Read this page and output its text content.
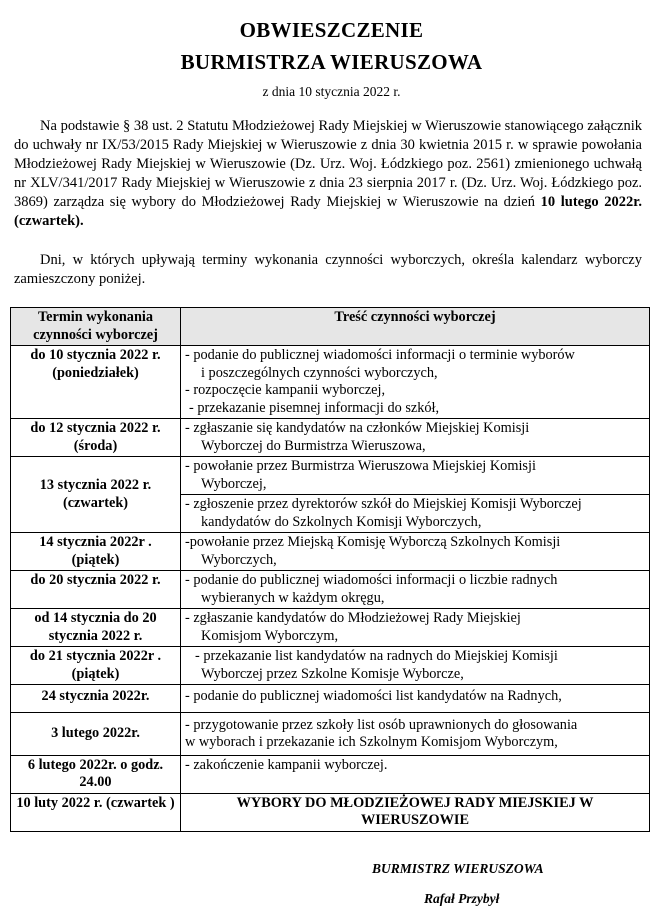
OBWIESZCZENIE
BURMISTRZA WIERUSZOWA
z dnia 10 stycznia 2022 r.
Na podstawie § 38 ust. 2 Statutu Młodzieżowej Rady Miejskiej w Wieruszowie stanowiącego załącznik do uchwały nr IX/53/2015 Rady Miejskiej w Wieruszowie z dnia 30 kwietnia 2015 r. w sprawie powołania Młodzieżowej Rady Miejskiej w Wieruszowie (Dz. Urz. Woj. Łódzkiego poz. 2561) zmienionego uchwałą nr XLV/341/2017 Rady Miejskiej w Wieruszowie z dnia 23 sierpnia 2017 r. (Dz. Urz. Woj. Łódzkiego poz. 3869) zarządza się wybory do Młodzieżowej Rady Miejskiej w Wieruszowie na dzień 10 lutego 2022r. (czwartek).
Dni, w których upływają terminy wykonania czynności wyborczych, określa kalendarz wyborczy zamieszczony poniżej.
Termin wykonania czynności wyborczej	Treść czynności wyborczej
do 10 stycznia 2022 r. (poniedziałek)	- podanie do publicznej wiadomości informacji o terminie wyborów
i poszczególnych czynności wyborczych,
- rozpoczęcie kampanii wyborczej,
- przekazanie pisemnej informacji do szkół,

do 12 stycznia 2022 r. (środa)	- zgłaszanie się kandydatów na członków Miejskiej Komisji
Wyborczej do Burmistrza Wieruszowa,

13 stycznia 2022 r. (czwartek)	- powołanie przez Burmistrza Wieruszowa Miejskiej Komisji
Wyborczej,

	- zgłoszenie przez dyrektorów szkół do Miejskiej Komisji Wyborczej
kandydatów do Szkolnych Komisji Wyborczych,

14 stycznia 2022r . (piątek)	-powołanie przez Miejską Komisję Wyborczą Szkolnych Komisji
Wyborczych,

do 20 stycznia 2022 r.	- podanie do publicznej wiadomości informacji o liczbie radnych
wybieranych w każdym okręgu,

od 14 stycznia do 20 stycznia 2022 r.	- zgłaszanie kandydatów do Młodzieżowej Rady Miejskiej
Komisjom Wyborczym,

do 21 stycznia 2022r . (piątek)	- przekazanie list kandydatów na radnych do Miejskiej Komisji
Wyborczej przez Szkolne Komisje Wyborcze,

24 stycznia 2022r.	- podanie do publicznej wiadomości list kandydatów na Radnych,

3 lutego 2022r.	- przygotowanie przez szkoły list osób uprawnionych do głosowania
w wyborach i przekazanie ich Szkolnym Komisjom Wyborczym,

6 lutego 2022r. o godz. 24.00	- zakończenie kampanii wyborczej.

10 luty 2022 r. (czwartek )	WYBORY DO MŁODZIEŻOWEJ RADY MIEJSKIEJ W WIERUSZOWIE
BURMISTRZ WIERUSZOWA
Rafał Przybył
